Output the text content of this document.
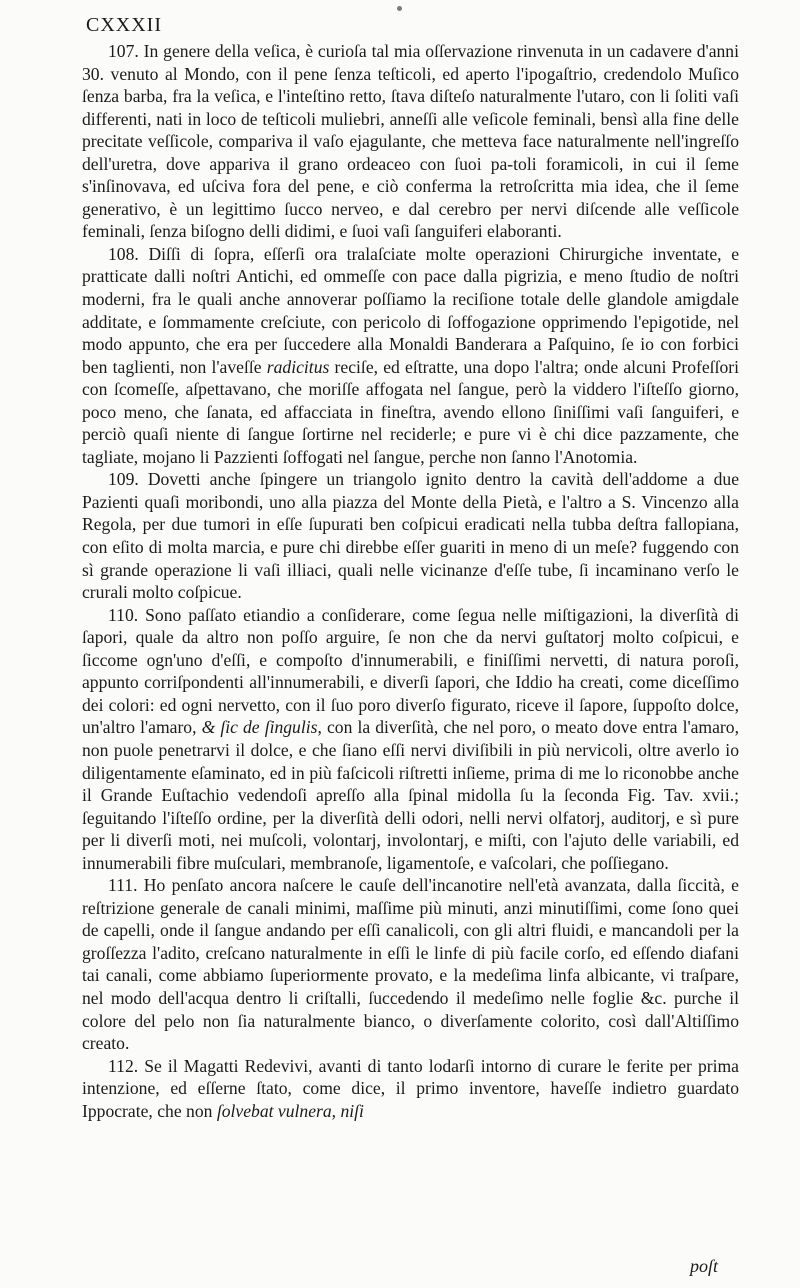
CXXXII

107. In genere della veſica, è curioſa tal mia oſſervazione rinvenuta in un cadavere d'anni 30. venuto al Mondo, con il pene ſenza teſticoli, ed aperto l'ipogaſtrio, credendolo Muſico ſenza barba, fra la veſica, e l'inteſtino retto, ſtava diſteſo naturalmente l'utaro, con li ſoliti vaſi differenti, nati in loco de teſticoli muliebri, anneſſi alle veſicole feminali, bensì alla fine delle precitate veſſicole, compariva il vaſo ejagulante, che metteva face naturalmente nell'ingreſſo dell'uretra, dove appariva il grano ordeaceo con ſuoi pa-toli foramicoli, in cui il ſeme s'inſinovava, ed uſciva fora del pene, e ciò conferma la retroſcritta mia idea, che il ſeme generativo, è un legittimo ſucco nerveo, e dal cerebro per nervi diſcende alle veſſicole feminali, ſenza biſogno delli didimi, e ſuoi vaſi ſanguiferi elaboranti.

108. Diſſi di ſopra, eſſerſi ora tralaſciate molte operazioni Chirurgiche inventate, e pratticate dalli noſtri Antichi, ed ommeſſe con pace dalla pigrizia, e meno ſtudio de noſtri moderni, fra le quali anche annoverar poſſiamo la reciſione totale delle glandole amigdale additate, e ſommamente creſciute, con pericolo di ſoffogazione opprimendo l'epigotide, nel modo appunto, che era per ſuccedere alla Monaldi Banderara a Paſquino, ſe io con forbici ben taglienti, non l'aveſſe radicitus reciſe, ed eſtratte, una dopo l'altra; onde alcuni Profeſſori con ſcomeſſe, aſpettavano, che moriſſe affogata nel ſangue, però la viddero l'iſteſſo giorno, poco meno, che ſanata, ed affacciata in fineſtra, avendo ellono ſiniſſimi vaſi ſanguiferi, e perciò quaſi niente di ſangue ſortirne nel reciderle; e pure vi è chi dice pazzamente, che tagliate, mojano li Pazzienti ſoffogati nel ſangue, perche non ſanno l'Anotomia.

109. Dovetti anche ſpingere un triangolo ignito dentro la cavità dell'addome a due Pazienti quaſi moribondi, uno alla piazza del Monte della Pietà, e l'altro a S. Vincenzo alla Regola, per due tumori in eſſe ſupurati ben coſpicui eradicati nella tubba deſtra fallopiana, con eſito di molta marcia, e pure chi direbbe eſſer guariti in meno di un meſe? fuggendo con sì grande operazione li vaſi illiaci, quali nelle vicinanze d'eſſe tube, ſi incaminano verſo le crurali molto coſpicue.

110. Sono paſſato etiandio a conſiderare, come ſegua nelle miſtigazioni, la diverſità di ſapori, quale da altro non poſſo arguire, ſe non che da nervi guſtatorj molto coſpicui, e ſiccome ogn'uno d'eſſi, e compoſto d'innumerabili, e finiſſimi nervetti, di natura poroſi, appunto corriſpondenti all'innumerabili, e diverſi ſapori, che Iddio ha creati, come diceſſimo dei colori: ed ogni nervetto, con il ſuo poro diverſo figurato, riceve il ſapore, ſuppoſto dolce, un'altro l'amaro, & ſic de ſingulis, con la diverſità, che nel poro, o meato dove entra l'amaro, non puole penetrarvi il dolce, e che ſiano eſſi nervi diviſibili in più nervicoli, oltre averlo io diligentamente eſaminato, ed in più faſcicoli riſtretti inſieme, prima di me lo riconobbe anche il Grande Euſtachio vedendoſi apreſſo alla ſpinal midolla ſu la ſeconda Fig. Tav. xvii.; ſeguitando l'iſteſſo ordine, per la diverſità delli odori, nelli nervi olfatorj, auditorj, e sì pure per li diverſi moti, nei muſcoli, volontarj, involontarj, e miſti, con l'ajuto delle variabili, ed innumerabili fibre muſculari, membranoſe, ligamentoſe, e vaſcolari, che poſſiegano.

111. Ho penſato ancora naſcere le cauſe dell'incanotire nell'età avanzata, dalla ſiccità, e reſtrizione generale de canali minimi, maſſime più minuti, anzi minutiſſimi, come ſono quei de capelli, onde il ſangue andando per eſſi canalicoli, con gli altri fluidi, e mancandoli per la groſſezza l'adito, creſcano naturalmente in eſſi le linfe di più facile corſo, ed eſſendo diafani tai canali, come abbiamo ſuperiormente provato, e la medeſima linfa albicante, vi traſpare, nel modo dell'acqua dentro li criſtalli, ſuccedendo il medeſimo nelle foglie &c. purche il colore del pelo non ſia naturalmente bianco, o diverſamente colorito, così dall'Altiſſimo creato.

112. Se il Magatti Redevivi, avanti di tanto lodarſi intorno di curare le ferite per prima intenzione, ed eſſerne ſtato, come dice, il primo inventore, haveſſe indietro guardato Ippocrate, che non ſolvebat vulnera, niſi

poſt
